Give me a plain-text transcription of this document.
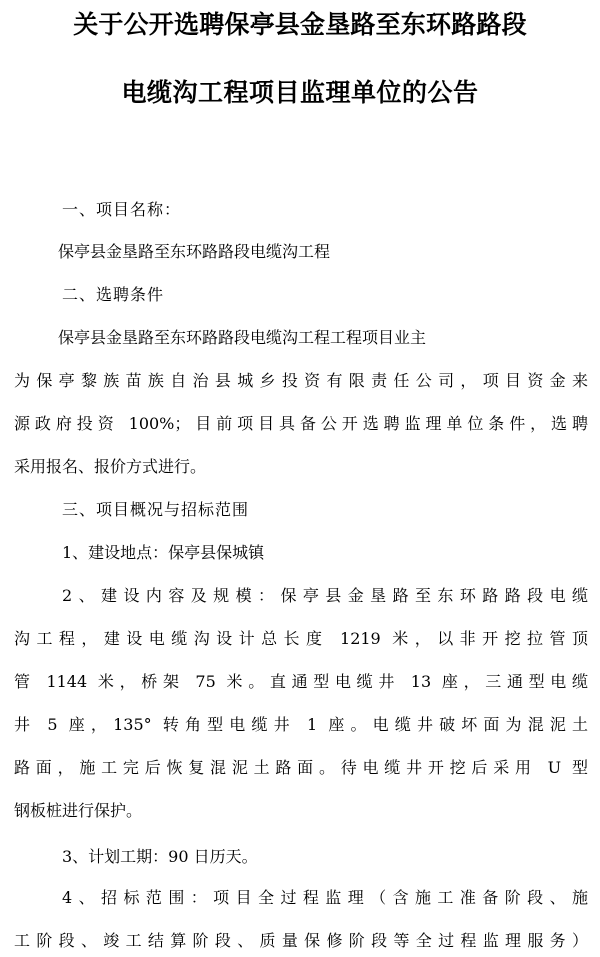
关于公开选聘保亭县金垦路至东环路路段
电缆沟工程项目监理单位的公告
一、项目名称：
保亭县金垦路至东环路路段电缆沟工程
二、选聘条件
保亭县金垦路至东环路路段电缆沟工程工程项目业主
为保亭黎族苗族自治县城乡投资有限责任公司，项目资金来
源政府投资 100%；目前项目具备公开选聘监理单位条件，选聘
采用报名、报价方式进行。
三、项目概况与招标范围
1、建设地点：保亭县保城镇
2、建设内容及规模：保亭县金垦路至东环路路段电缆
沟工程，建设电缆沟设计总长度 1219 米，以非开挖拉管顶
管 1144 米，桥架 75 米。直通型电缆井 13 座，三通型电缆
井 5 座，135° 转角型电缆井 1 座。电缆井破坏面为混泥土
路面，施工完后恢复混泥土路面。待电缆井开挖后采用 U 型
钢板桩进行保护。
3、计划工期：90 日历天。
4、招标范围：项目全过程监理（含施工准备阶段、施
工阶段、竣工结算阶段、质量保修阶段等全过程监理服务）
